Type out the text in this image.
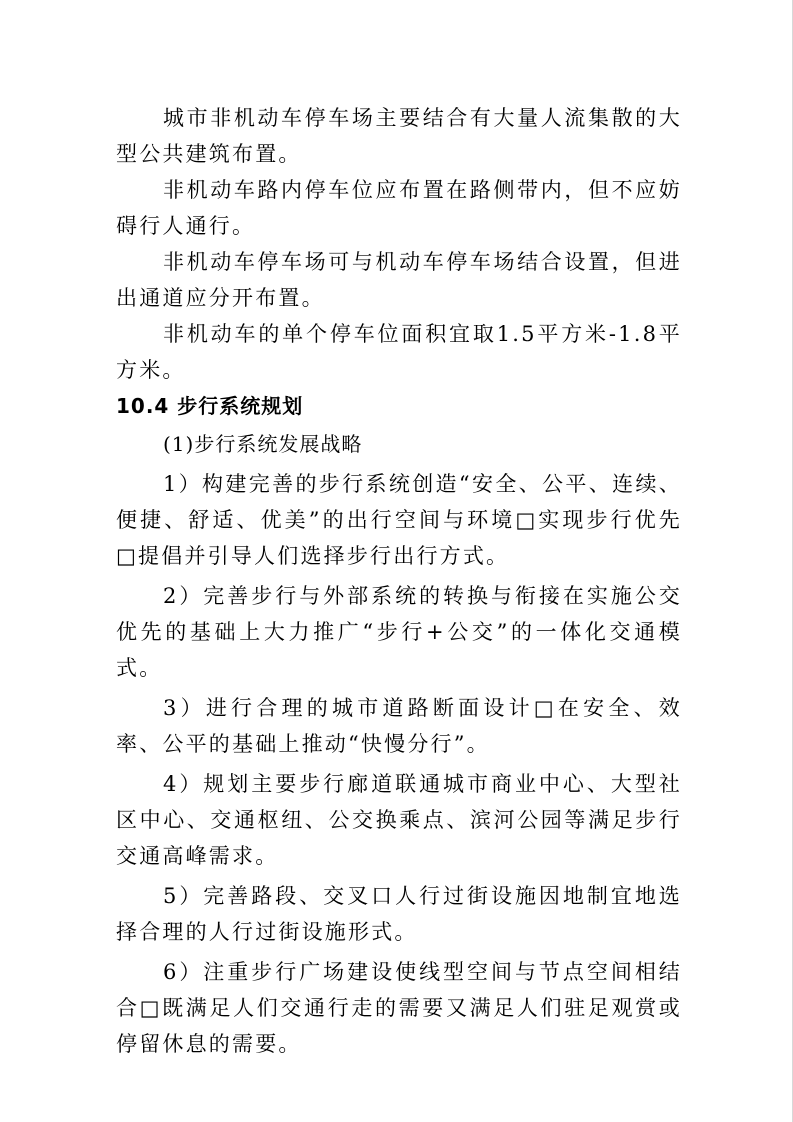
城市非机动车停车场主要结合有大量人流集散的大型公共建筑布置。

非机动车路内停车位应布置在路侧带内，但不应妨碍行人通行。

非机动车停车场可与机动车停车场结合设置，但进出通道应分开布置。

非机动车的单个停车位面积宜取1.5平方米-1.8平方米。

10.4 步行系统规划

(1)步行系统发展战略

1）构建完善的步行系统创造“安全、公平、连续、便捷、舒适、优美”的出行空间与环境□实现步行优先□提倡并引导人们选择步行出行方式。

2）完善步行与外部系统的转换与衔接在实施公交优先的基础上大力推广“步行+公交”的一体化交通模式。

3）进行合理的城市道路断面设计□在安全、效率、公平的基础上推动“快慢分行”。

4）规划主要步行廊道联通城市商业中心、大型社区中心、交通枢纽、公交换乘点、滨河公园等满足步行交通高峰需求。

5）完善路段、交叉口人行过街设施因地制宜地选择合理的人行过街设施形式。

6）注重步行广场建设使线型空间与节点空间相结合□既满足人们交通行走的需要又满足人们驻足观赏或停留休息的需要。
